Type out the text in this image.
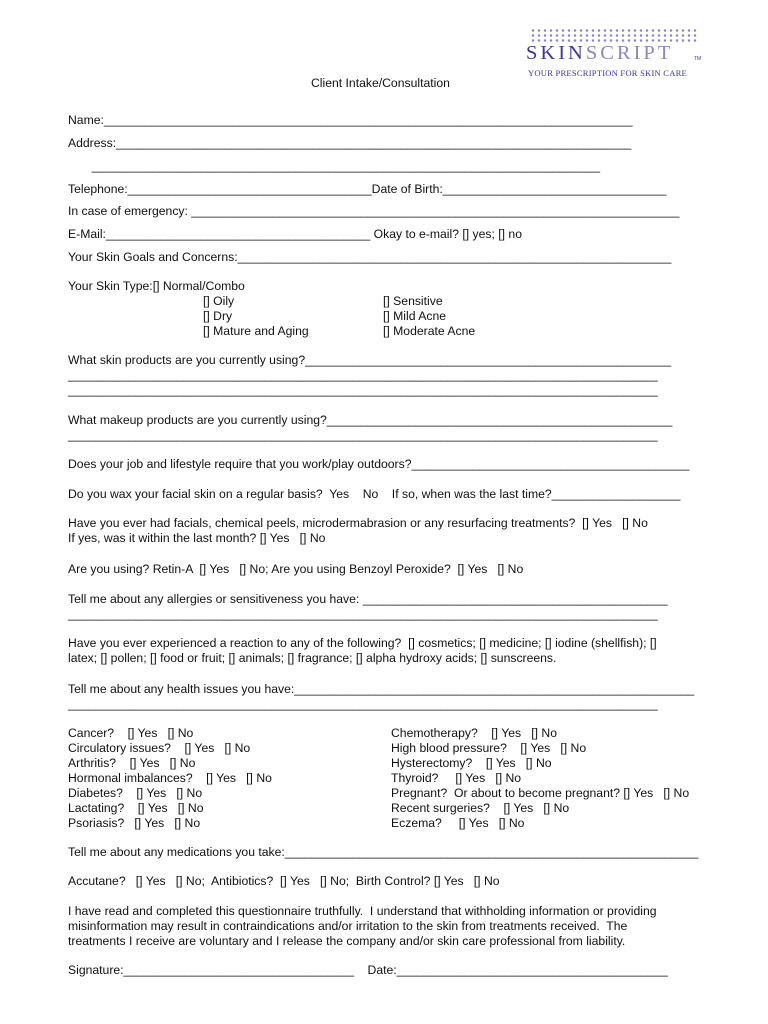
SKINSCRIPT	TM
YOUR PRESCRIPTION FOR SKIN CARE
Client Intake/Consultation
Name:______________________________________________________________________________
Address:____________________________________________________________________________
___________________________________________________________________________
Telephone:____________________________________Date of Birth:_________________________________
In case of emergency: ________________________________________________________________________
E-Mail:_______________________________________ Okay to e-mail? [] yes; [] no
Your Skin Goals and Concerns:________________________________________________________________
Your Skin Type:[] Normal/Combo
[] Oily
[] Dry
[] Mature and Aging
[] Sensitive
[] Mild Acne
[] Moderate Acne
What skin products are you currently using?______________________________________________________
_______________________________________________________________________________________
_______________________________________________________________________________________
What makeup products are you currently using?___________________________________________________
_______________________________________________________________________________________
Does your job and lifestyle require that you work/play outdoors?_________________________________________
Do you wax your facial skin on a regular basis?  Yes    No    If so, when was the last time?___________________
Have you ever had facials, chemical peels, microdermabrasion or any resurfacing treatments?  [] Yes   [] No
If yes, was it within the last month? [] Yes   [] No
Are you using? Retin-A  [] Yes   [] No; Are you using Benzoyl Peroxide?  [] Yes   [] No
Tell me about any allergies or sensitiveness you have: _____________________________________________
_______________________________________________________________________________________
Have you ever experienced a reaction to any of the following?  [] cosmetics; [] medicine; [] iodine (shellfish); []
latex; [] pollen; [] food or fruit; [] animals; [] fragrance; [] alpha hydroxy acids; [] sunscreens.
Tell me about any health issues you have:___________________________________________________________
_______________________________________________________________________________________
Cancer?    [] Yes   [] No
Circulatory issues?    [] Yes   [] No
Arthritis?    [] Yes   [] No
Hormonal imbalances?    [] Yes   [] No
Diabetes?    [] Yes   [] No
Lactating?    [] Yes   [] No
Psoriasis?   [] Yes   [] No
Chemotherapy?    [] Yes   [] No
High blood pressure?    [] Yes   [] No
Hysterectomy?    [] Yes   [] No
Thyroid?     [] Yes   [] No
Pregnant?  Or about to become pregnant? [] Yes   [] No
Recent surgeries?    [] Yes   [] No
Eczema?     [] Yes   [] No
Tell me about any medications you take:_____________________________________________________________
Accutane?   [] Yes   [] No;  Antibiotics?  [] Yes   [] No;  Birth Control? [] Yes   [] No
I have read and completed this questionnaire truthfully.  I understand that withholding information or providing
misinformation may result in contraindications and/or irritation to the skin from treatments received.  The
treatments I receive are voluntary and I release the company and/or skin care professional from liability.
Signature:__________________________________    Date:________________________________________
